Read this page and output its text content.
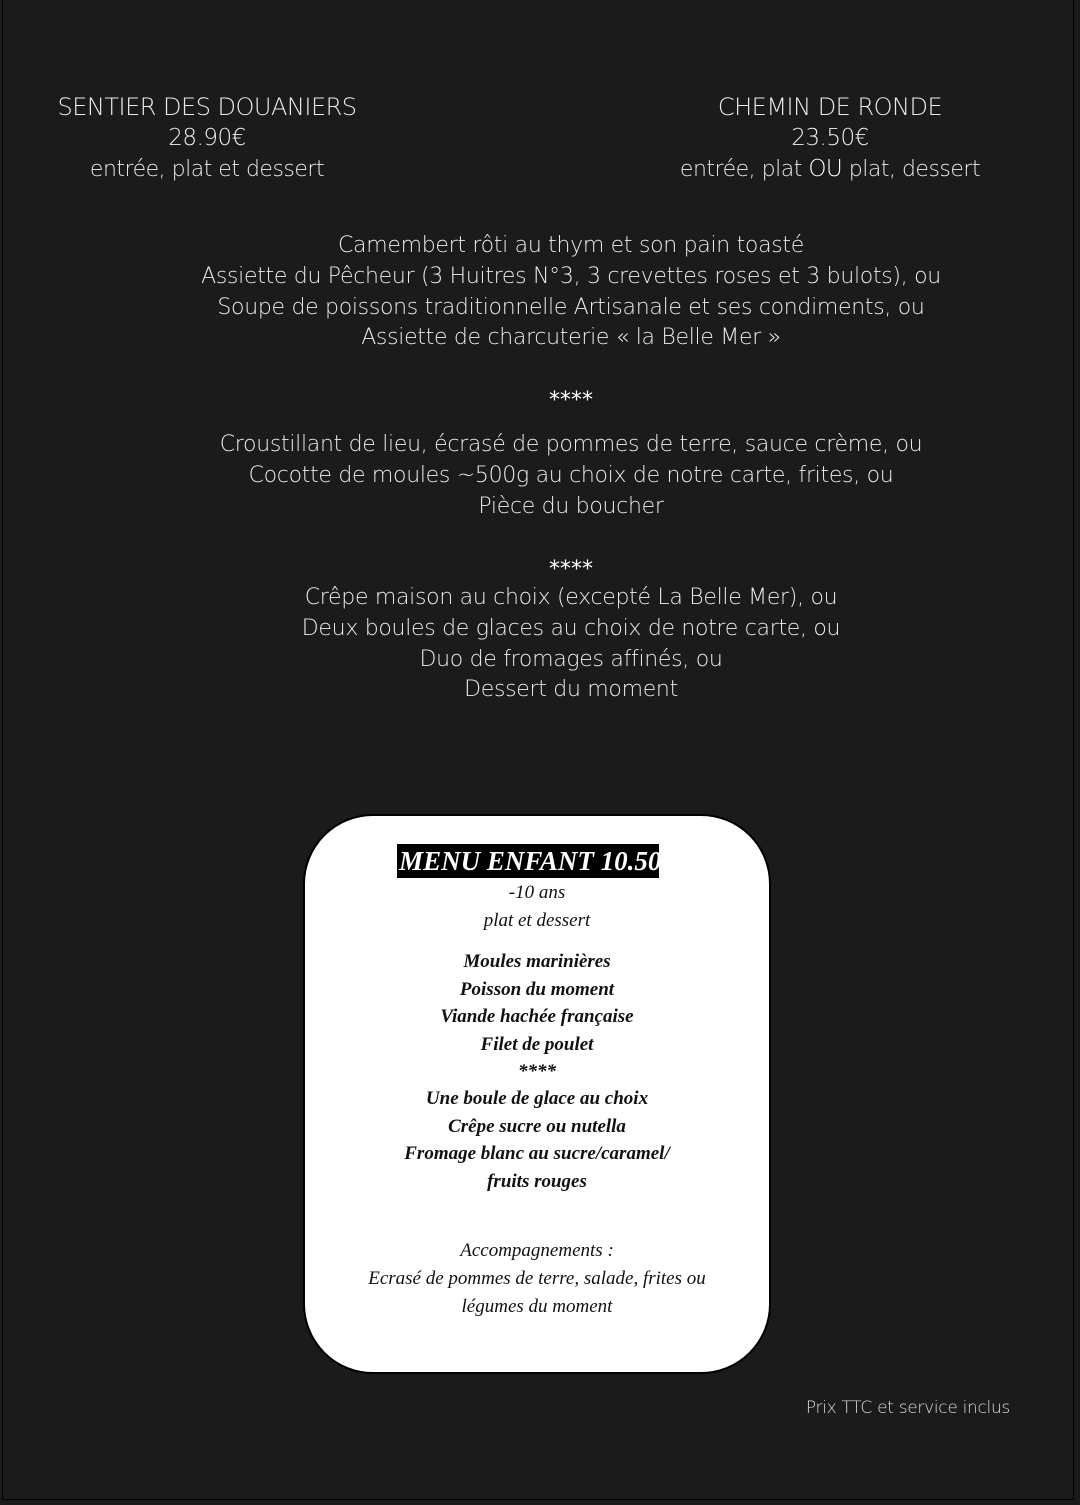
SENTIER DES DOUANIERS
28.90€
entrée, plat et dessert
CHEMIN DE RONDE
23.50€
entrée, plat OU plat, dessert
Camembert rôti au thym et son pain toasté
Assiette du Pêcheur (3 Huitres N°3, 3 crevettes roses et 3 bulots), ou
Soupe de poissons traditionnelle Artisanale et ses condiments, ou
Assiette de charcuterie « la Belle Mer »
****
Croustillant de lieu, écrasé de pommes de terre, sauce crème, ou
Cocotte de moules ~500g au choix de notre carte, frites, ou
Pièce du boucher
****
Crêpe maison au choix (excepté La Belle Mer), ou
Deux boules de glaces au choix de notre carte, ou
Duo de fromages affinés, ou
Dessert du moment
MENU ENFANT 10.50€
-10 ans
plat et dessert
Moules marinières
Poisson du moment
Viande hachée française
Filet de poulet
****
Une boule de glace au choix
Crêpe sucre ou nutella
Fromage blanc au sucre/caramel/
fruits rouges
Accompagnements :
Ecrasé de pommes de terre, salade, frites ou
légumes du moment
Prix TTC et service inclus
